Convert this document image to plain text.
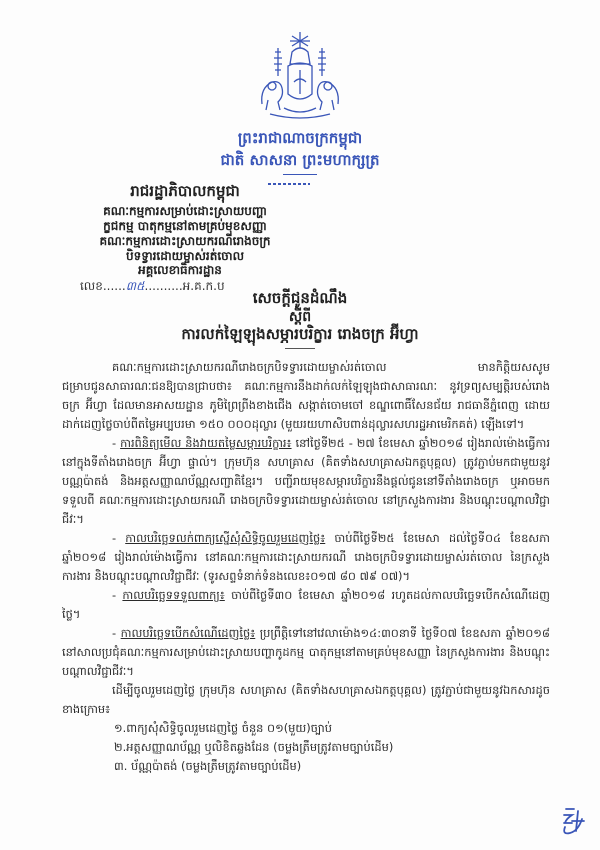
ព្រះរាជាណាចក្រកម្ពុជា
ជាតិ សាសនា ព្រះមហាក្សត្រ
រាជរដ្ឋាភិបាលកម្ពុជា
គណៈកម្មការសម្រាប់ដោះស្រាយបញ្ហា
ក្ខជកម្ម បាតុកម្មនៅតាមគ្រប់មុខសញ្ញា
គណៈកម្មការដោះស្រាយករណីរោងចក្រ
បិទទ្វារដោយម្ចាស់រត់ចោល
អគ្គលេខាធិការដ្ឋាន
លេខ......៣៥..........អ.គ.ក.ប
សេចក្តីជូនដំណឹង
ស្តីពី
ការលក់ឡៃឡុងសម្ភារបរិក្ខារ រោងចក្រ អ៊ីហ្វា

គណៈកម្មការដោះស្រាយករណីរោងចក្របិទទ្វារដោយម្ចាស់រត់ចោល មានកិត្តិយសសូមជម្រាបជូនសាធារណៈជនឱ្យបានជ្រាបថា៖ គណៈកម្មការនឹងដាក់លក់ឡៃឡុងជាសាធារណៈ នូវទ្រព្យសម្បត្តិរបស់រោងចក្រ អ៊ីហ្វា ដែលមានអាសយដ្ឋាន ភូមិព្រៃព្រីងខាងជើង សង្កាត់ចោមចៅ ខណ្ឌពោធិ៍សែនជ័យ រាជធានីភ្នំពេញ ដោយដាក់ដេញថ្លៃចាប់ពីតម្លៃអប្បបរមា ១៥០ ០០០ដុល្លារ (មួយរយហាសិបពាន់ដុល្លារសហរដ្ឋអាមេរិកគត់) ឡើងទៅ។

- ការពិនិត្យមើល និងវាយតម្លៃសម្ភារបរិក្ខារ៖ នៅថ្ងៃទី២៥ - ២៧ ខែមេសា ឆ្នាំ២០១៨ រៀងរាល់ម៉ោងធ្វើការ នៅក្នុងទីតាំងរោងចក្រ អ៊ីហ្វា ផ្ទាល់។ ក្រុមហ៊ុន សហគ្រាស (គិតទាំងសហគ្រាសឯកត្តបុគ្គល) ត្រូវភ្ជាប់មកជាមួយនូវបណ្ណប៉ាតង់ និងអត្តសញ្ញាណប័ណ្ណសញ្ជាតិខ្មែរ។ បញ្ជីរាយមុខសម្ភារបរិក្ខារនឹងផ្តល់ជូននៅទីតាំងរោងចក្រ ឬអាចមកទទួលពី គណៈកម្មការដោះស្រាយករណី រោងចក្របិទទ្វារដោយម្ចាស់រត់ចោល នៅក្រសួងការងារ និងបណ្តុះបណ្តាលវិជ្ជាជីវៈ។

- កាលបរិច្ឆេទលក់ពាក្យស្នើសុំសិទ្ធិចូលរួមដេញថ្លៃ៖ ចាប់ពីថ្ងៃទី២៥ ខែមេសា ដល់ថ្ងៃទី០៤ ខែឧសភា ឆ្នាំ២០១៨ រៀងរាល់ម៉ោងធ្វើការ នៅគណៈកម្មការដោះស្រាយករណី រោងចក្របិទទ្វារដោយម្ចាស់រត់ចោល នៃក្រសួងការងារ និងបណ្តុះបណ្តាលវិជ្ជាជីវៈ (ទូរសព្ទទំនាក់ទំនងលេខ៖០១៧ ៨០ ៧៩ ០៧)។

- កាលបរិច្ឆេទទទួលពាក្យ៖ ចាប់ពីថ្ងៃទី៣០ ខែមេសា ឆ្នាំ២០១៨ រហូតដល់កាលបរិច្ឆេទបើកសំណើដេញថ្លៃ។

- កាលបរិច្ឆេទបើកសំណើដេញថ្លៃ៖ ប្រព្រឹត្តិទៅនៅវេលាម៉ោង១៤:៣០នាទី ថ្ងៃទី០៧ ខែឧសភា ឆ្នាំ២០១៨ នៅសាលប្រជុំគណៈកម្មការសម្រាប់ដោះស្រាយបញ្ហាកូដកម្ម បាតុកម្មនៅតាមគ្រប់មុខសញ្ញា នៃក្រសួងការងារ និងបណ្តុះបណ្តាលវិជ្ជាជីវៈ។

ដើម្បីចូលរួមដេញថ្លៃ ក្រុមហ៊ុន សហគ្រាស (គិតទាំងសហគ្រាសឯកត្តបុគ្គល) ត្រូវភ្ជាប់ជាមួយនូវឯកសារដូចខាងក្រោម៖

១.ពាក្យសុំសិទ្ធិចូលរួមដេញថ្លៃ ចំនួន ០១(មួយ)ច្បាប់
២.អត្តសញ្ញាណប័ណ្ណ ឬលិខិតឆ្លងដែន (ចម្លងត្រឹមត្រូវតាមច្បាប់ដើម)
៣. ប័ណ្ណប៉ាតង់ (ចម្លងត្រឹមត្រូវតាមច្បាប់ដើម)
